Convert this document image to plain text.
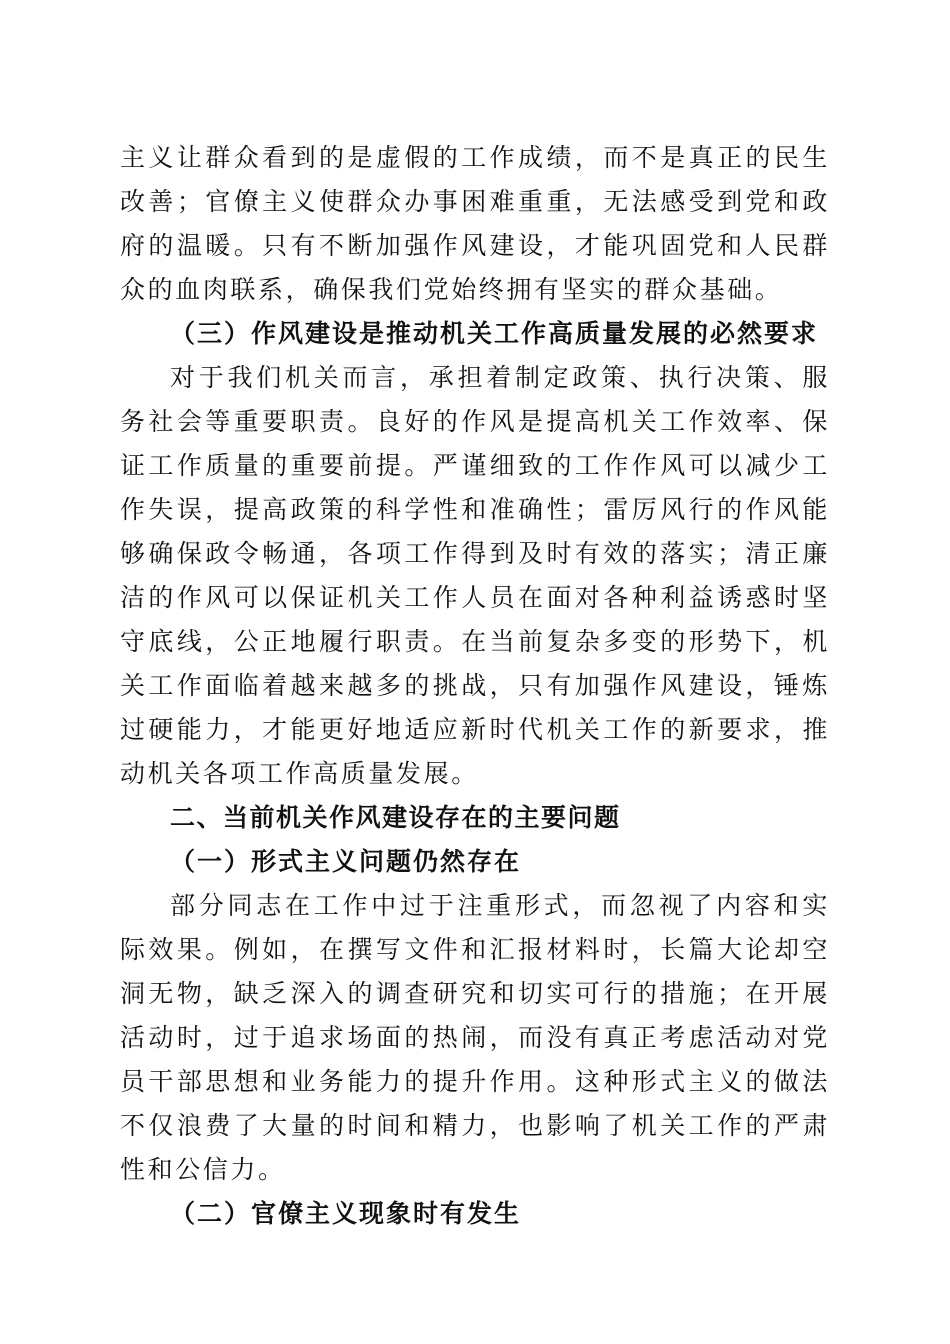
主义让群众看到的是虚假的工作成绩，而不是真正的民生改善；官僚主义使群众办事困难重重，无法感受到党和政府的温暖。只有不断加强作风建设，才能巩固党和人民群众的血肉联系，确保我们党始终拥有坚实的群众基础。

（三）作风建设是推动机关工作高质量发展的必然要求

对于我们机关而言，承担着制定政策、执行决策、服务社会等重要职责。良好的作风是提高机关工作效率、保证工作质量的重要前提。严谨细致的工作作风可以减少工作失误，提高政策的科学性和准确性；雷厉风行的作风能够确保政令畅通，各项工作得到及时有效的落实；清正廉洁的作风可以保证机关工作人员在面对各种利益诱惑时坚守底线，公正地履行职责。在当前复杂多变的形势下，机关工作面临着越来越多的挑战，只有加强作风建设，锤炼过硬能力，才能更好地适应新时代机关工作的新要求，推动机关各项工作高质量发展。

二、当前机关作风建设存在的主要问题

（一）形式主义问题仍然存在

部分同志在工作中过于注重形式，而忽视了内容和实际效果。例如，在撰写文件和汇报材料时，长篇大论却空洞无物，缺乏深入的调查研究和切实可行的措施；在开展活动时，过于追求场面的热闹，而没有真正考虑活动对党员干部思想和业务能力的提升作用。这种形式主义的做法不仅浪费了大量的时间和精力，也影响了机关工作的严肃性和公信力。

（二）官僚主义现象时有发生
